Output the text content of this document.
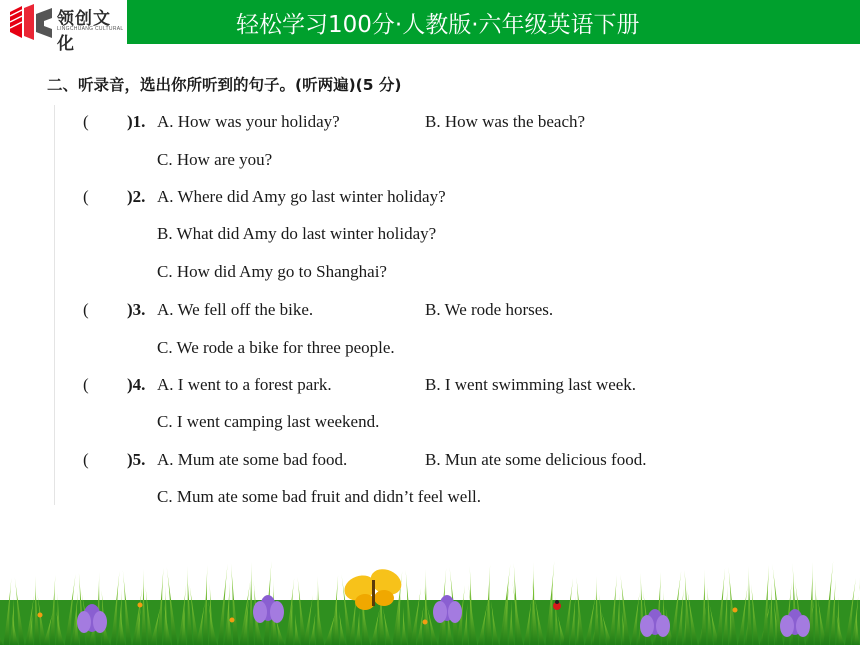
领创文化
LINGCHUANG CULTURAL	轻松学习100分·人教版·六年级英语下册
二、听录音，选出你所听到的句子。(听两遍)(5 分)
( )1. A. How was your holiday?	B. How was the beach?
C. How are you?
( )2. A. Where did Amy go last winter holiday?
B. What did Amy do last winter holiday?
C. How did Amy go to Shanghai?
( )3. A. We fell off the bike.	B. We rode horses.
C. We rode a bike for three people.
( )4. A. I went to a forest park.	B. I went swimming last week.
C. I went camping last weekend.
( )5. A. Mum ate some bad food.	B. Mun ate some delicious food.
C. Mum ate some bad fruit and didn’t feel well.
